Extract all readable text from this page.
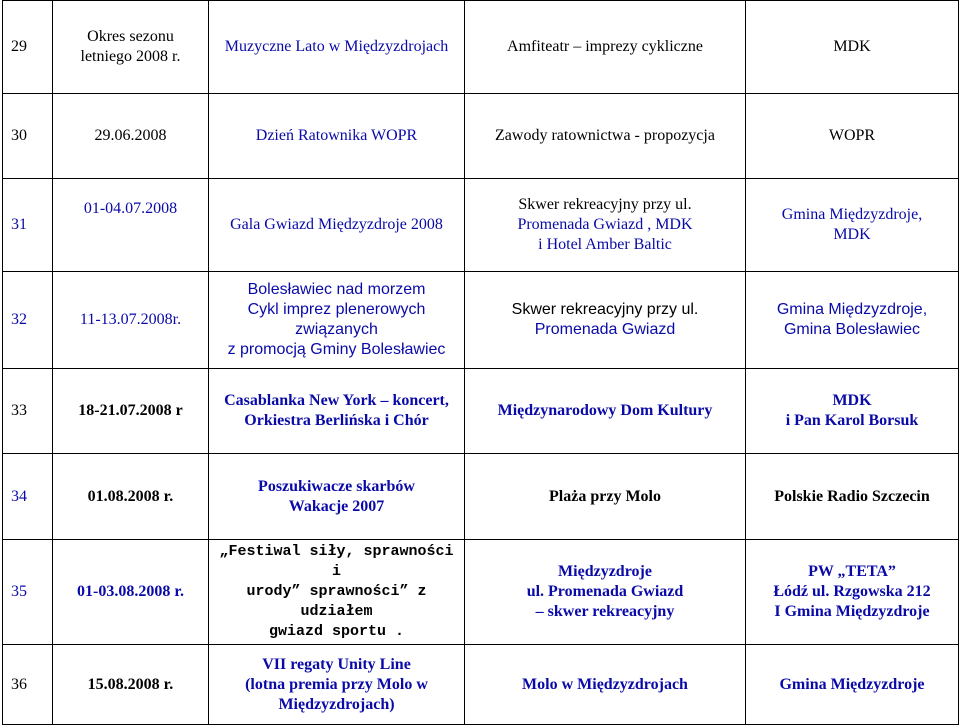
29	Okres sezonu
letniego 2008 r.	Muzyczne Lato w Międzyzdrojach	Amfiteatr – imprezy cykliczne	MDK

30	29.06.2008	Dzień Ratownika WOPR	Zawody ratownictwa - propozycja	WOPR

31	01-04.07.2008	Gala Gwiazd Międzyzdroje 2008	Skwer rekreacyjny przy ul.
Promenada Gwiazd , MDK
i Hotel Amber Baltic	Gmina Międzyzdroje,
MDK

32	11-13.07.2008r.	Bolesławiec nad morzem
Cykl imprez plenerowych
związanych
z promocją Gminy Bolesławiec	Skwer rekreacyjny przy ul.
Promenada Gwiazd	Gmina Międzyzdroje,
Gmina Bolesławiec

33	18-21.07.2008 r	Casablanka New York – koncert,
Orkiestra Berlińska i Chór	Międzynarodowy Dom Kultury	MDK
i Pan Karol Borsuk

34	01.08.2008 r.	Poszukiwacze skarbów
Wakacje 2007	Plaża przy Molo	Polskie Radio Szczecin

35	01-03.08.2008 r.	„Festiwal siły, sprawności i
urody” sprawności” z udziałem
gwiazd sportu .	Międzyzdroje
ul. Promenada Gwiazd
– skwer rekreacyjny	PW „TETA”
Łódź ul. Rzgowska 212
I Gmina Międzyzdroje

36	15.08.2008 r.	VII regaty Unity Line
(lotna premia przy Molo w
Międzyzdrojach)	Molo w Międzyzdrojach	Gmina Międzyzdroje
